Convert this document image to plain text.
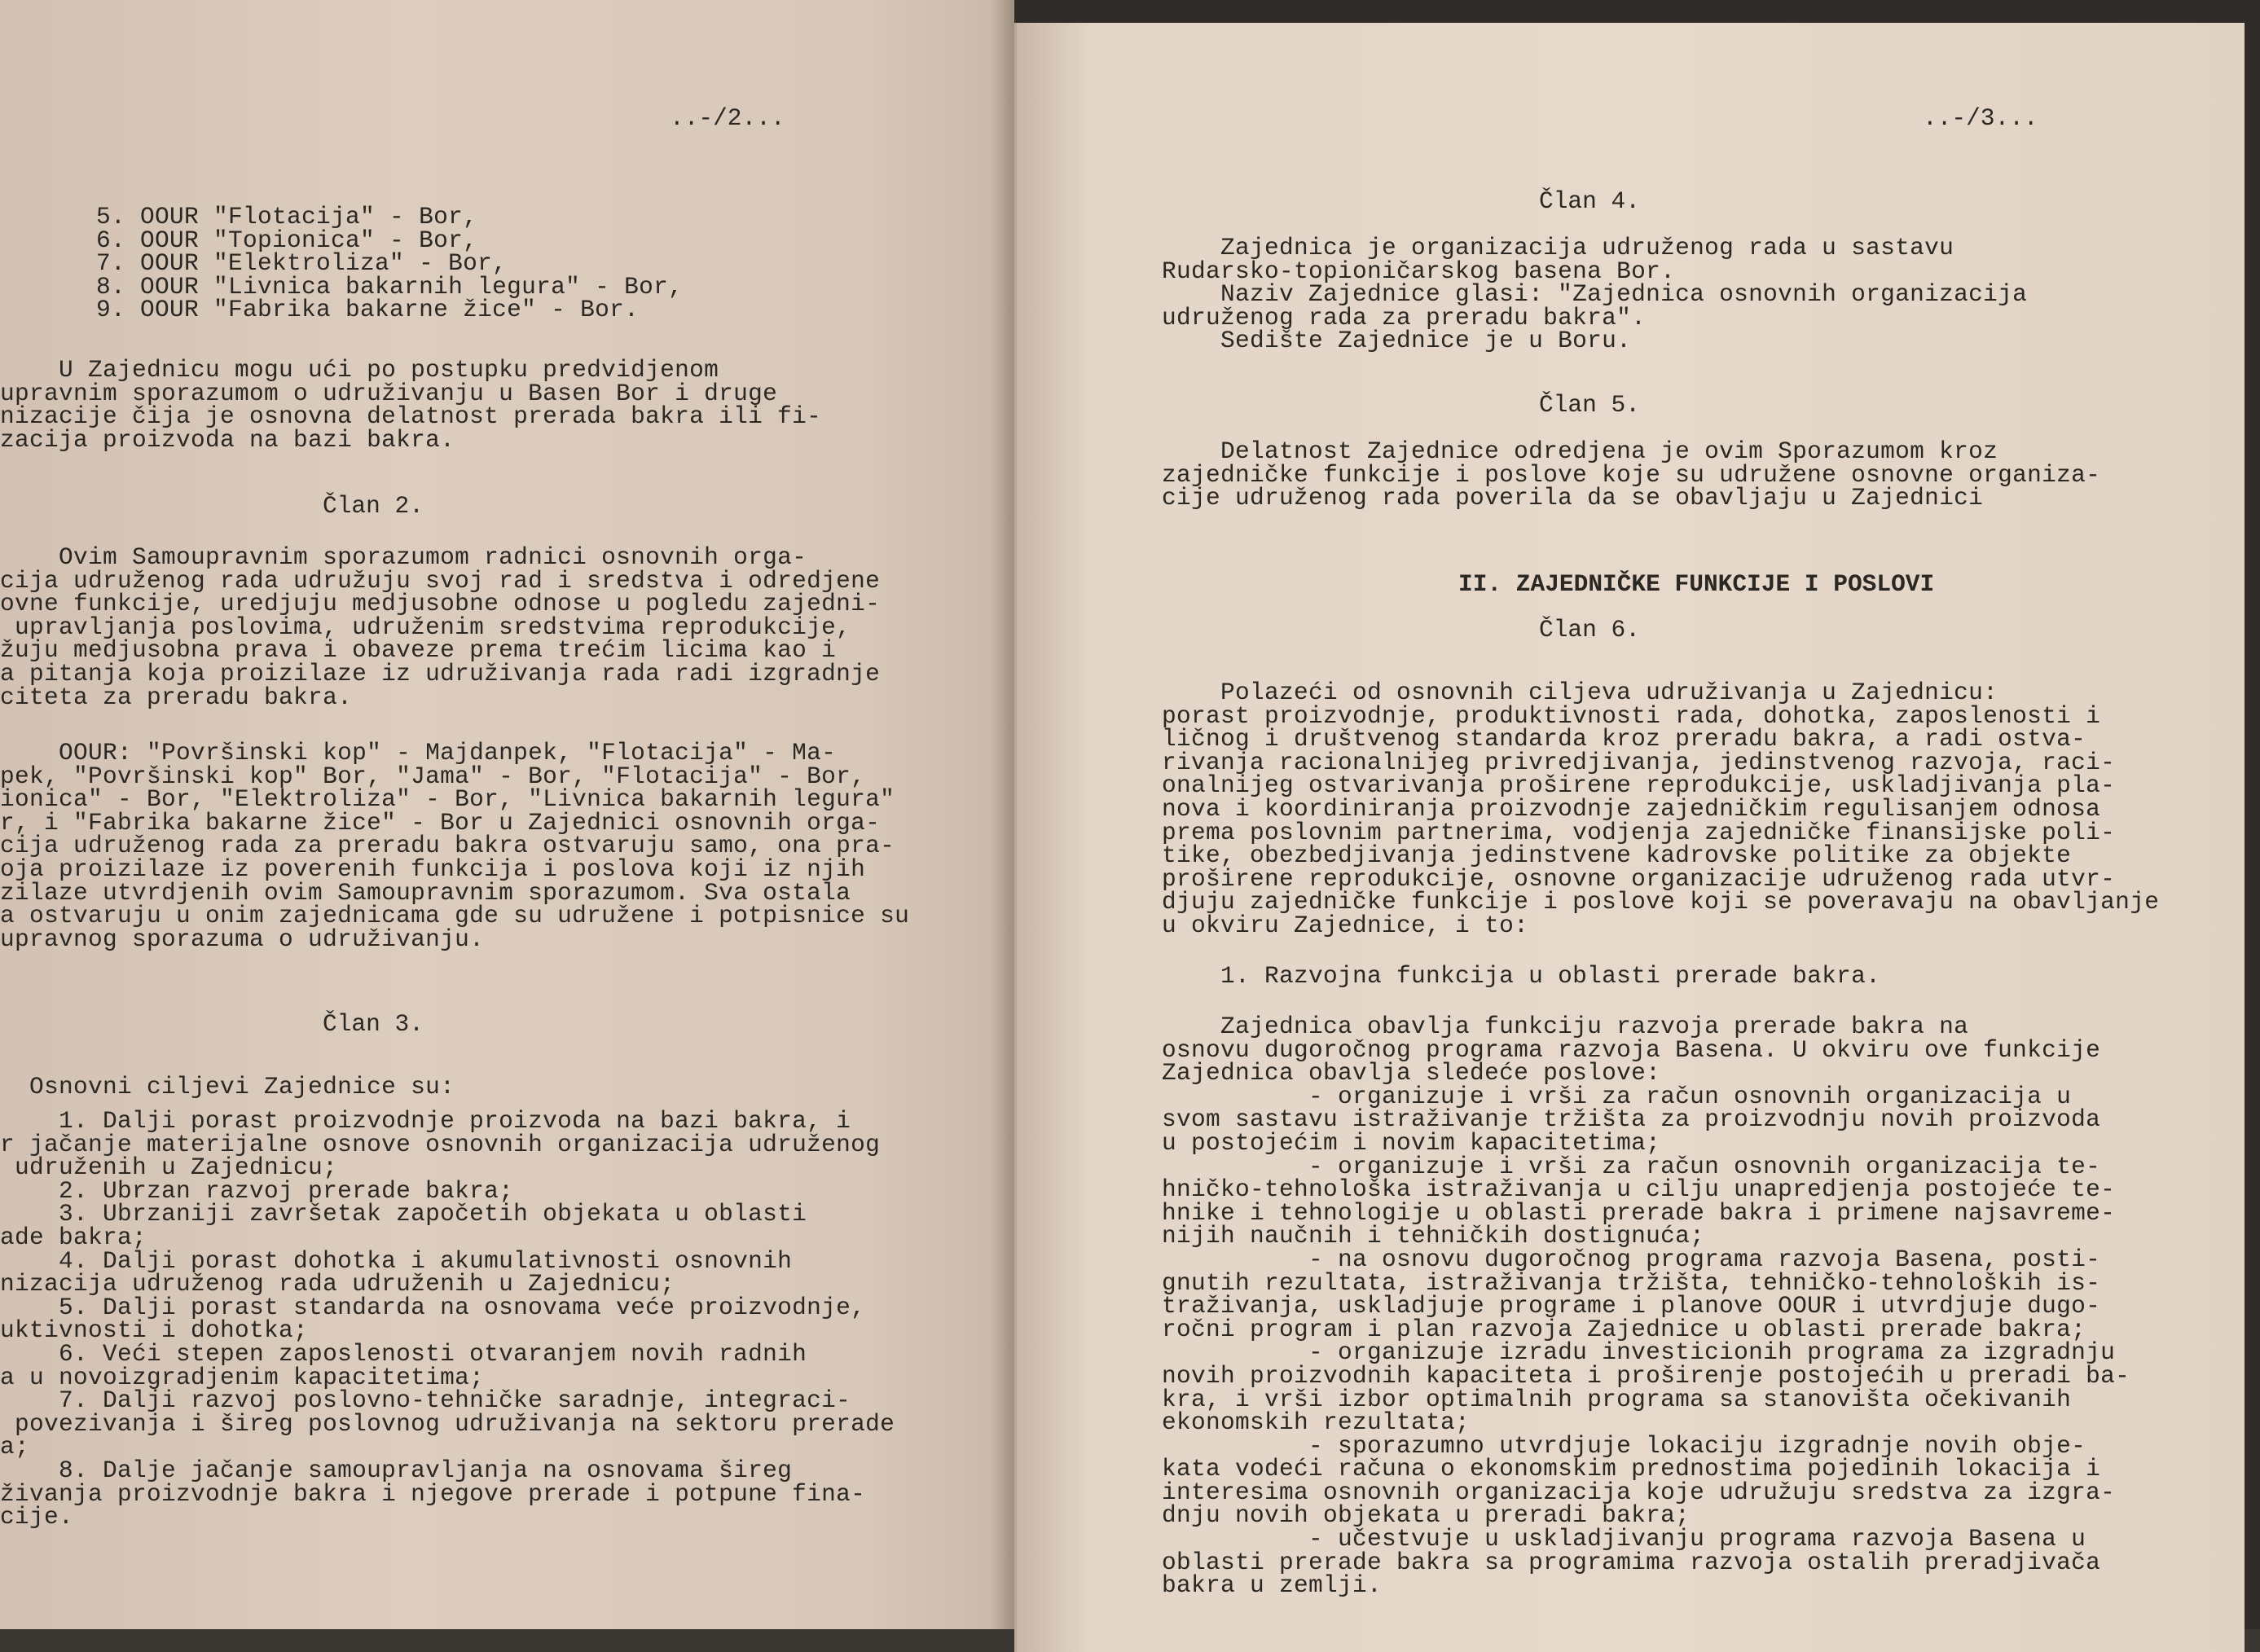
..-/2...

5. OOUR "Flotacija" - Bor,

6. OOUR "Topionica" - Bor,

7. OOUR "Elektroliza" - Bor,

8. OOUR "Livnica bakarnih legura" - Bor,

9. OOUR "Fabrika bakarne žice" - Bor.

U Zajednicu mogu ući po postupku predvidjenom
upravnim sporazumom o udruživanju u Basen Bor i druge
nizacije čija je osnovna delatnost prerada bakra ili fi-
zacija proizvoda na bazi bakra.

Član 2.

Ovim Samoupravnim sporazumom radnici osnovnih orga-
cija udruženog rada udružuju svoj rad i sredstva i odredjene
ovne funkcije, uredjuju medjusobne odnose u pogledu zajedni-
upravljanja poslovima, udruženim sredstvima reprodukcije,
žuju medjusobna prava i obaveze prema trećim licima kao i
a pitanja koja proizilaze iz udruživanja rada radi izgradnje
citeta za preradu bakra.

OOUR: "Površinski kop" - Majdanpek, "Flotacija" - Ma-
pek, "Površinski kop" Bor, "Jama" - Bor, "Flotacija" - Bor,
ionica" - Bor, "Elektroliza" - Bor, "Livnica bakarnih legura"
r, i "Fabrika bakarne žice" - Bor u Zajednici osnovnih orga-
cija udruženog rada za preradu bakra ostvaruju samo, ona pra-
oja proizilaze iz poverenih funkcija i poslova koji iz njih
zilaze utvrdjenih ovim Samoupravnim sporazumom. Sva ostala
a ostvaruju u onim zajednicama gde su udružene i potpisnice su
upravnog sporazuma o udruživanju.

Član 3.

Osnovni ciljevi Zajednice su:

1. Dalji porast proizvodnje proizvoda na bazi bakra, i
r jačanje materijalne osnove osnovnih organizacija udruženog
udruženih u Zajednicu;
2. Ubrzan razvoj prerade bakra;
3. Ubrzaniji završetak započetih objekata u oblasti
ade bakra;
4. Dalji porast dohotka i akumulativnosti osnovnih
nizacija udruženog rada udruženih u Zajednicu;
5. Dalji porast standarda na osnovama veće proizvodnje,
uktivnosti i dohotka;
6. Veći stepen zaposlenosti otvaranjem novih radnih
a u novoizgradjenim kapacitetima;
7. Dalji razvoj poslovno-tehničke saradnje, integraci-
povezivanja i šireg poslovnog udruživanja na sektoru prerade
a;
8. Dalje jačanje samoupravljanja na osnovama šireg
živanja proizvodnje bakra i njegove prerade i potpune fina-
cije.

..-/3...

Član 4.

Zajednica je organizacija udruženog rada u sastavu
Rudarsko-topioničarskog basena Bor.
Naziv Zajednice glasi: "Zajednica osnovnih organizacija
udruženog rada za preradu bakra".
Sedište Zajednice je u Boru.

Član 5.

Delatnost Zajednice odredjena je ovim Sporazumom kroz
zajedničke funkcije i poslove koje su udružene osnovne organiza-
cije udruženog rada poverila da se obavljaju u Zajednici

II. ZAJEDNIČKE FUNKCIJE I POSLOVI

Član 6.

Polazeći od osnovnih ciljeva udruživanja u Zajednicu:
porast proizvodnje, produktivnosti rada, dohotka, zaposlenosti i
ličnog i društvenog standarda kroz preradu bakra, a radi ostva-
rivanja racionalnijeg privredjivanja, jedinstvenog razvoja, raci-
onalnijeg ostvarivanja proširene reprodukcije, uskladjivanja pla-
nova i koordiniranja proizvodnje zajedničkim regulisanjem odnosa
prema poslovnim partnerima, vodjenja zajedničke finansijske poli-
tike, obezbedjivanja jedinstvene kadrovske politike za objekte
proširene reprodukcije, osnovne organizacije udruženog rada utvr-
djuju zajedničke funkcije i poslove koji se poveravaju na obavljanje
u okviru Zajednice, i to:

1. Razvojna funkcija u oblasti prerade bakra.

Zajednica obavlja funkciju razvoja prerade bakra na
osnovu dugoročnog programa razvoja Basena. U okviru ove funkcije
Zajednica obavlja sledeće poslove:
- organizuje i vrši za račun osnovnih organizacija u
svom sastavu istraživanje tržišta za proizvodnju novih proizvoda
u postojećim i novim kapacitetima;
- organizuje i vrši za račun osnovnih organizacija te-
hničko-tehnološka istraživanja u cilju unapredjenja postojeće te-
hnike i tehnologije u oblasti prerade bakra i primene najsavreme-
nijih naučnih i tehničkih dostignuća;
- na osnovu dugoročnog programa razvoja Basena, posti-
gnutih rezultata, istraživanja tržišta, tehničko-tehnoloških is-
traživanja, uskladjuje programe i planove OOUR i utvrdjuje dugo-
ročni program i plan razvoja Zajednice u oblasti prerade bakra;
- organizuje izradu investicionih programa za izgradnju
novih proizvodnih kapaciteta i proširenje postojećih u preradi ba-
kra, i vrši izbor optimalnih programa sa stanovišta očekivanih
ekonomskih rezultata;
- sporazumno utvrdjuje lokaciju izgradnje novih obje-
kata vodeći računa o ekonomskim prednostima pojedinih lokacija i
interesima osnovnih organizacija koje udružuju sredstva za izgra-
dnju novih objekata u preradi bakra;
- učestvuje u uskladjivanju programa razvoja Basena u
oblasti prerade bakra sa programima razvoja ostalih preradjivača
bakra u zemlji.
